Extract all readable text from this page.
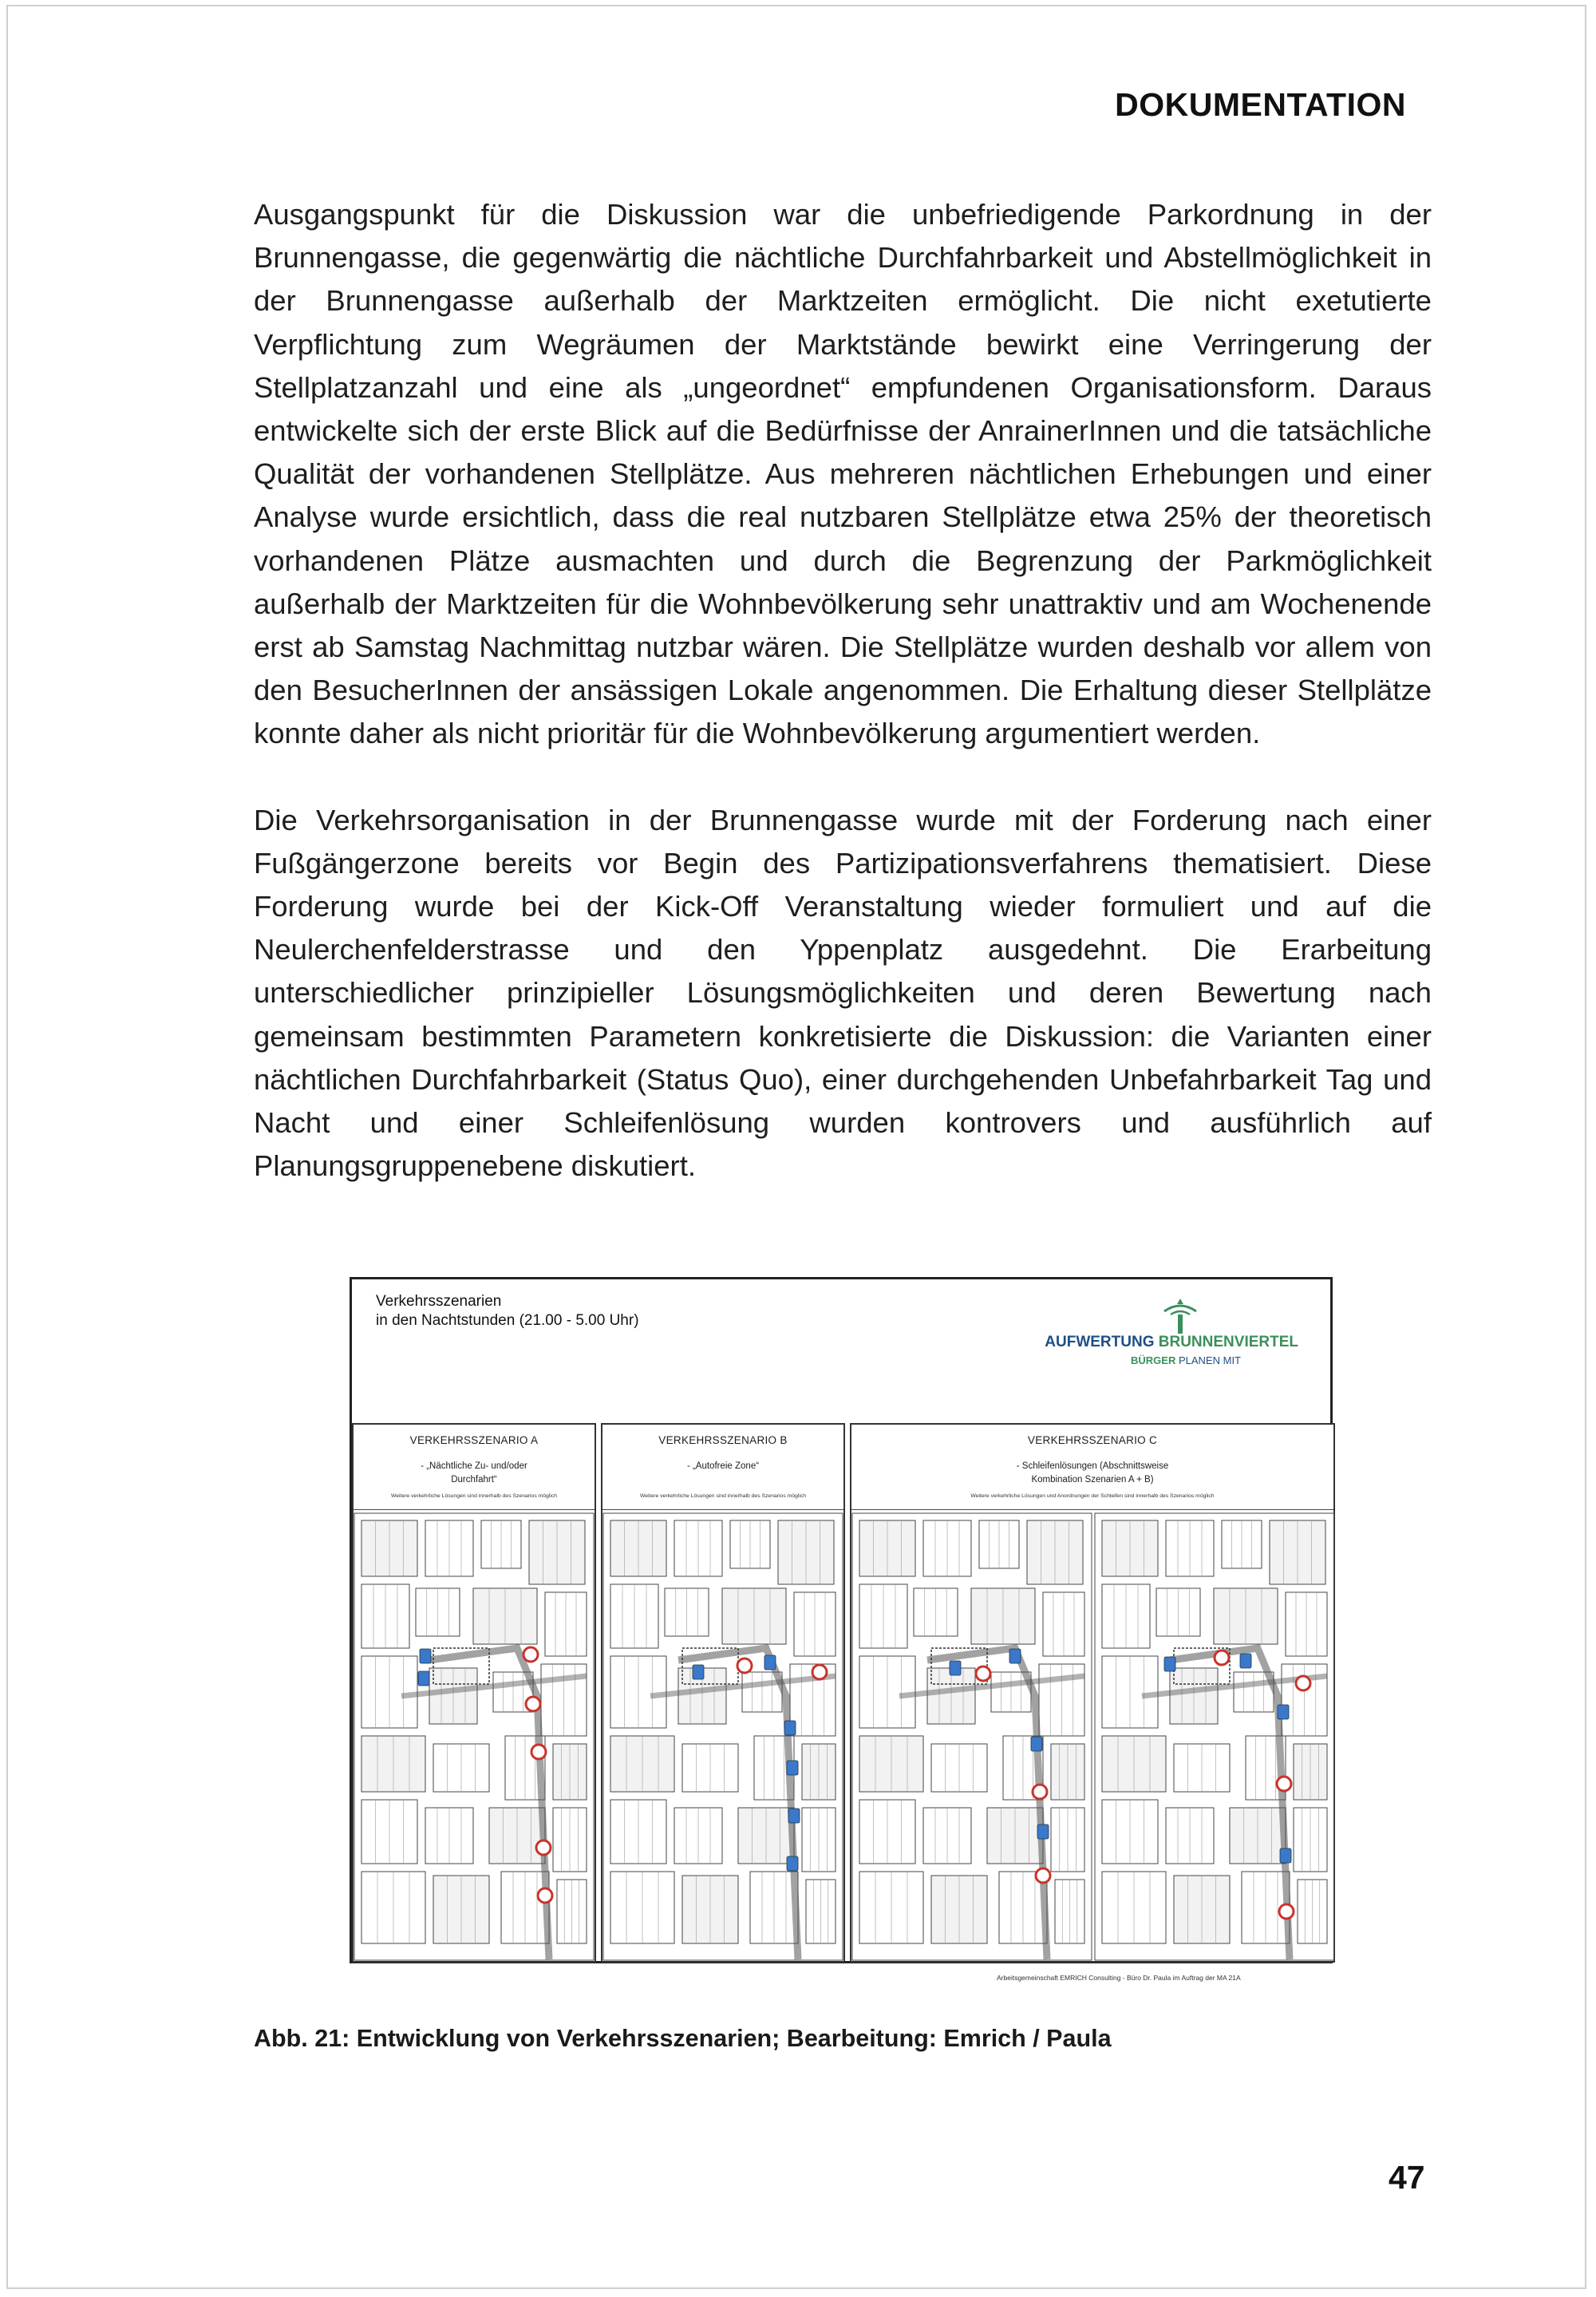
DOKUMENTATION

Ausgangspunkt für die Diskussion war die unbefriedigende Parkordnung in der Brunnengasse, die gegenwärtig die nächtliche Durchfahrbarkeit und Abstellmöglichkeit in der Brunnengasse außerhalb der Marktzeiten ermöglicht. Die nicht exetutierte Verpflichtung zum Wegräumen der Marktstände bewirkt eine Verringerung der Stellplatzanzahl und eine als „ungeordnet“ empfundenen Organisationsform. Daraus entwickelte sich der erste Blick auf die Bedürfnisse der AnrainerInnen und die tatsächliche Qualität der vorhandenen Stellplätze. Aus mehreren nächtlichen Erhebungen und einer Analyse wurde ersichtlich, dass die real nutzbaren Stellplätze etwa 25% der theoretisch vorhandenen Plätze ausmachten und durch die Begrenzung der Parkmöglichkeit außerhalb der Marktzeiten für die Wohnbevölkerung sehr unattraktiv und am Wochenende erst ab Samstag Nachmittag nutzbar wären. Die Stellplätze wurden deshalb vor allem von den BesucherInnen der ansässigen Lokale angenommen. Die Erhaltung dieser Stellplätze konnte daher als nicht prioritär für die Wohnbevölkerung argumentiert werden.

Die Verkehrsorganisation in der Brunnengasse wurde mit der Forderung nach einer Fußgängerzone bereits vor Begin des Partizipationsverfahrens thematisiert. Diese Forderung wurde bei der Kick-Off Veranstaltung wieder formuliert und auf die Neulerchenfelderstrasse und den Yppenplatz ausgedehnt. Die Erarbeitung unterschiedlicher prinzipieller Lösungsmöglichkeiten und deren Bewertung nach gemeinsam bestimmten Parametern konkretisierte die Diskussion: die Varianten einer nächtlichen Durchfahrbarkeit (Status Quo), einer durchgehenden Unbefahrbarkeit Tag und Nacht und einer Schleifenlösung wurden kontrovers und ausführlich auf Planungsgruppenebene diskutiert.

Verkehrsszenarien
in den Nachtstunden (21.00 - 5.00 Uhr)
AUFWERTUNG BRUNNENVIERTEL
BÜRGER PLANEN MIT
VERKEHRSSZENARIO A
- „Nächtliche Zu- und/oder
Durchfahrt“
Weitere verkehrliche Lösungen sind innerhalb des Szenarios möglich
VERKEHRSSZENARIO B
- „Autofreie Zone“
Weitere verkehrliche Lösungen sind innerhalb des Szenarios möglich
VERKEHRSSZENARIO C
- Schleifenlösungen (Abschnittsweise
Kombination Szenarien A + B)
Weitere verkehrliche Lösungen und Anordnungen der Schleifen sind innerhalb des Szenarios möglich
Arbeitsgemeinschaft EMRICH Consulting - Büro Dr. Paula im Auftrag der MA 21A
Abb. 21: Entwicklung von Verkehrsszenarien; Bearbeitung: Emrich / Paula
47
